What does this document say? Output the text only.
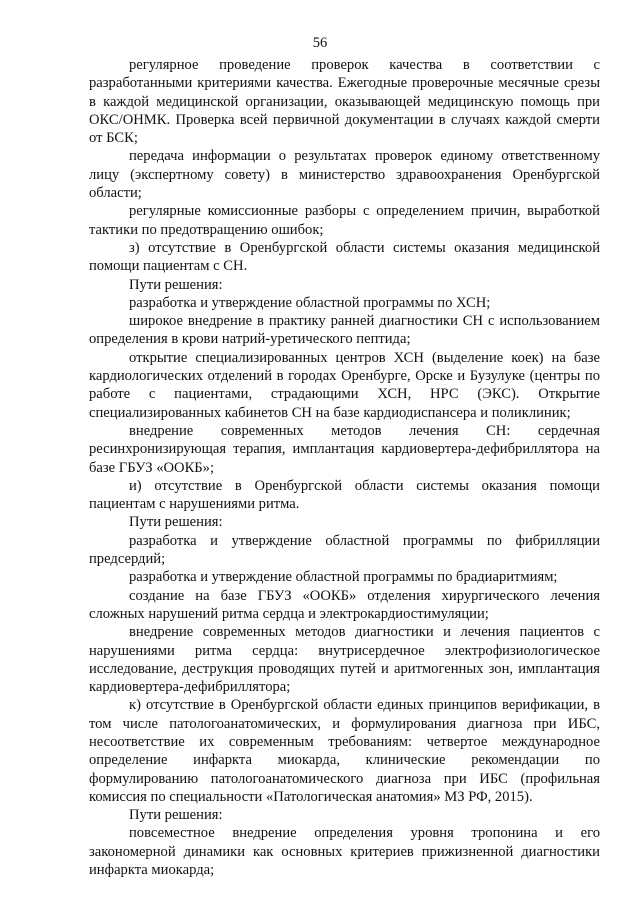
56

регулярное проведение проверок качества в соответствии с разработанными критериями качества. Ежегодные проверочные месячные срезы в каждой медицинской организации, оказывающей медицинскую помощь при ОКС/ОНМК. Проверка всей первичной документации в случаях каждой смерти от БСК;

передача информации о результатах проверок единому ответственному лицу (экспертному совету) в министерство здравоохранения Оренбургской области;

регулярные комиссионные разборы с определением причин, выработкой тактики по предотвращению ошибок;

з) отсутствие в Оренбургской области системы оказания медицинской помощи пациентам с СН.

Пути решения:

разработка и утверждение областной программы по ХСН;

широкое внедрение в практику ранней диагностики СН с использованием определения в крови натрий-уретического пептида;

открытие специализированных центров ХСН (выделение коек) на базе кардиологических отделений в городах Оренбурге, Орске и Бузулуке (центры по работе с пациентами, страдающими ХСН, НРС (ЭКС). Открытие специализированных кабинетов СН на базе кардиодиспансера и поликлиник;

внедрение современных методов лечения СН: сердечная ресинхронизирующая терапия, имплантация кардиовертера-дефибриллятора на базе ГБУЗ «ООКБ»;

и) отсутствие в Оренбургской области системы оказания помощи пациентам с нарушениями ритма.

Пути решения:

разработка и утверждение областной программы по фибрилляции предсердий;

разработка и утверждение областной программы по брадиаритмиям;

создание на базе ГБУЗ «ООКБ» отделения хирургического лечения сложных нарушений ритма сердца и электрокардиостимуляции;

внедрение современных методов диагностики и лечения пациентов с нарушениями ритма сердца: внутрисердечное электрофизиологическое исследование, деструкция проводящих путей и аритмогенных зон, имплантация кардиовертера-дефибриллятора;

к) отсутствие в Оренбургской области единых принципов верификации, в том числе патологоанатомических, и формулирования диагноза при ИБС, несоответствие их современным требованиям: четвертое международное определение инфаркта миокарда, клинические рекомендации по формулированию патологоанатомического диагноза при ИБС (профильная комиссия по специальности «Патологическая анатомия» МЗ РФ, 2015).

Пути решения:

повсеместное внедрение определения уровня тропонина и его закономерной динамики как основных критериев прижизненной диагностики инфаркта миокарда;
